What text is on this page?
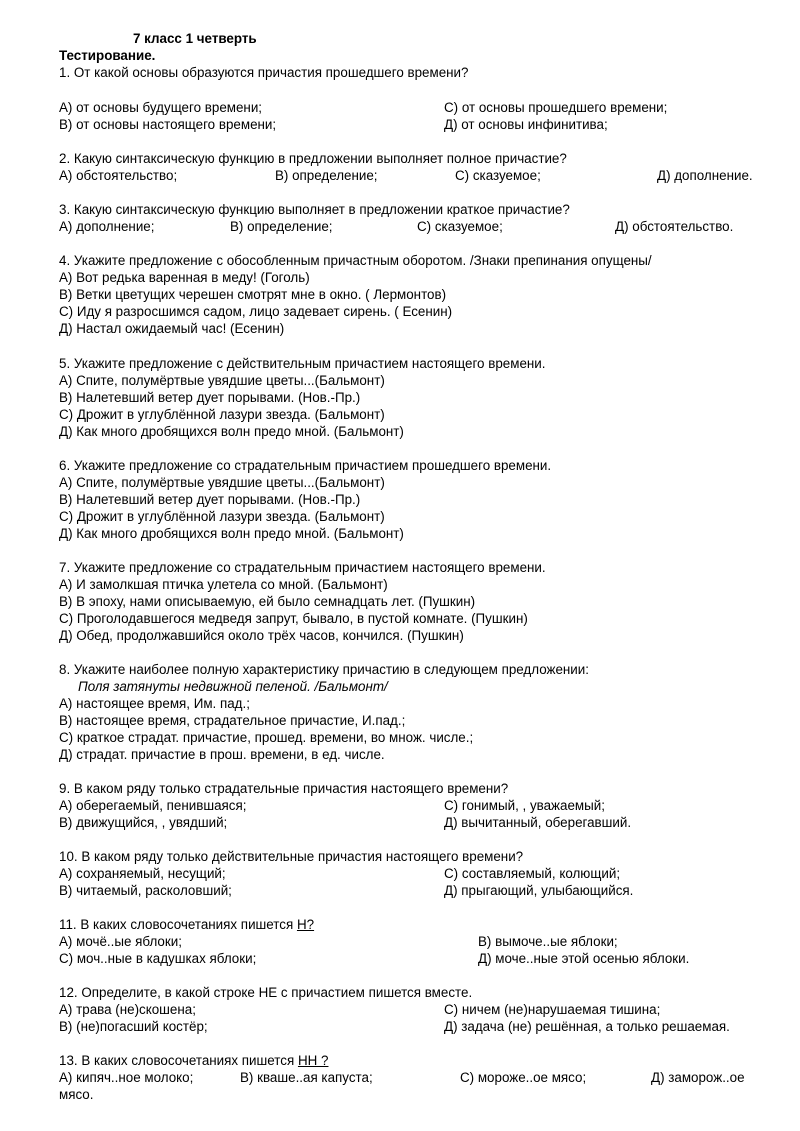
7 класс 1 четверть
Тестирование.
1. От какой основы образуются причастия прошедшего времени?
А) от основы будущего времени;	С) от основы прошедшего времени;
В) от основы настоящего времени;	Д) от основы инфинитива;
2. Какую синтаксическую функцию в предложении выполняет полное причастие?
А) обстоятельство;	В) определение;	С) сказуемое;	Д) дополнение.
3. Какую синтаксическую функцию выполняет в предложении краткое причастие?
А) дополнение;	В) определение;	С) сказуемое;	Д) обстоятельство.
4. Укажите предложение с обособленным причастным оборотом. /Знаки препинания опущены/
А) Вот редька варенная в меду! (Гоголь)
В) Ветки цветущих черешен смотрят мне в окно. ( Лермонтов)
С) Иду я разросшимся садом, лицо задевает сирень. ( Есенин)
Д) Настал ожидаемый час! (Есенин)
5. Укажите предложение с действительным причастием настоящего времени.
А) Спите, полумёртвые увядшие цветы...(Бальмонт)
В) Налетевший ветер дует порывами. (Нов.-Пр.)
С) Дрожит в углублённой лазури звезда. (Бальмонт)
Д) Как много дробящихся волн предо мной. (Бальмонт)
6. Укажите предложение со страдательным причастием прошедшего времени.
А) Спите, полумёртвые увядшие цветы...(Бальмонт)
В) Налетевший ветер дует порывами. (Нов.-Пр.)
С) Дрожит в углублённой лазури звезда. (Бальмонт)
Д) Как много дробящихся волн предо мной. (Бальмонт)
7. Укажите предложение со страдательным причастием настоящего времени.
А) И замолкшая птичка улетела со мной. (Бальмонт)
В) В эпоху, нами описываемую, ей было семнадцать лет. (Пушкин)
С) Проголодавшегося медведя запрут, бывало, в пустой комнате. (Пушкин)
Д) Обед, продолжавшийся около трёх часов, кончился. (Пушкин)
8. Укажите наиболее полную характеристику причастию в следующем предложении:
Поля затянуты недвижной пеленой. /Бальмонт/
А) настоящее время, Им. пад.;
В) настоящее время, страдательное причастие, И.пад.;
С) краткое страдат. причастие, прошед. времени, во множ. числе.;
Д) страдат. причастие в прош. времени, в ед. числе.
9. В каком ряду только страдательные причастия настоящего времени?
А) оберегаемый, пенившаяся;	С) гонимый, , уважаемый;
В) движущийся, , увядший;	Д) вычитанный, оберегавший.
10. В каком ряду только действительные причастия настоящего времени?
А) сохраняемый, несущий;	С) составляемый, колющий;
В) читаемый, расколовший;	Д) прыгающий, улыбающийся.
11. В каких словосочетаниях пишется Н?
А) мочё..ые яблоки;	В) вымоче..ые яблоки;
С) моч..ные в кадушках яблоки;	Д) моче..ные этой осенью яблоки.
12. Определите, в какой строке НЕ с причастием пишется вместе.
А) трава (не)скошена;	С) ничем (не)нарушаемая тишина;
В) (не)погасший костёр;	Д) задача (не) решённая, а только решаемая.
13. В каких словосочетаниях пишется НН ?
А) кипяч..ное молоко;	В) кваше..ая капуста;	С) мороже..ое мясо;	Д) заморож..ое
мясо.
